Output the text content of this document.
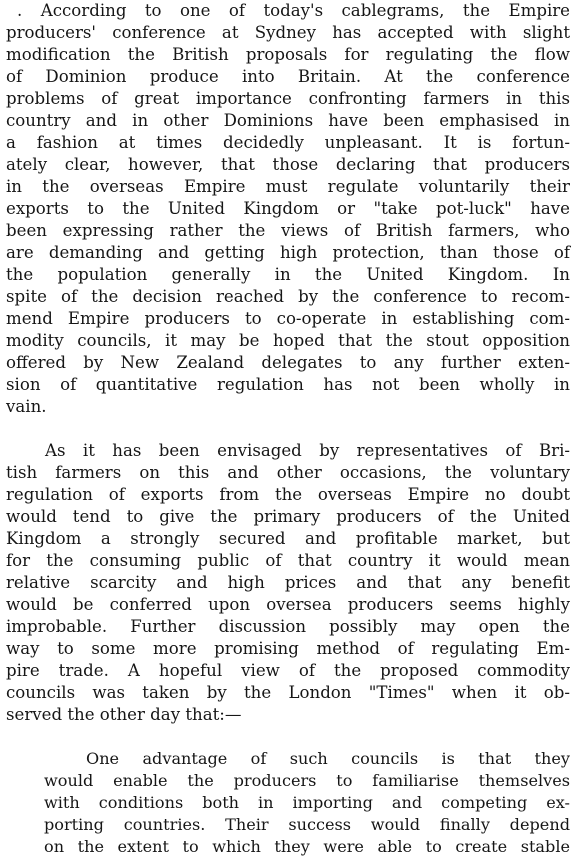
. According to one of today's cablegrams, the Empire
producers' conference at Sydney has accepted with slight
modification the British proposals for regulating the flow
of Dominion produce into Britain. At the conference
problems of great importance confronting farmers in this
country and in other Dominions have been emphasised in
a fashion at times decidedly unpleasant. It is fortun-
ately clear, however, that those declaring that producers
in the overseas Empire must regulate voluntarily their
exports to the United Kingdom or "take pot-luck" have
been expressing rather the views of British farmers, who
are demanding and getting high protection, than those of
the population generally in the United Kingdom. In
spite of the decision reached by the conference to recom-
mend Empire producers to co-operate in establishing com-
modity councils, it may be hoped that the stout opposition
offered by New Zealand delegates to any further exten-
sion of quantitative regulation has not been wholly in
vain.
As it has been envisaged by representatives of Bri-
tish farmers on this and other occasions, the voluntary
regulation of exports from the overseas Empire no doubt
would tend to give the primary producers of the United
Kingdom a strongly secured and profitable market, but
for the consuming public of that country it would mean
relative scarcity and high prices and that any benefit
would be conferred upon oversea producers seems highly
improbable. Further discussion possibly may open the
way to some more promising method of regulating Em-
pire trade. A hopeful view of the proposed commodity
councils was taken by the London "Times" when it ob-
served the other day that:—
One advantage of such councils is that they
would enable the producers to familiarise themselves
with conditions both in importing and competing ex-
porting countries. Their success would finally depend
on the extent to which they were able to create stable
